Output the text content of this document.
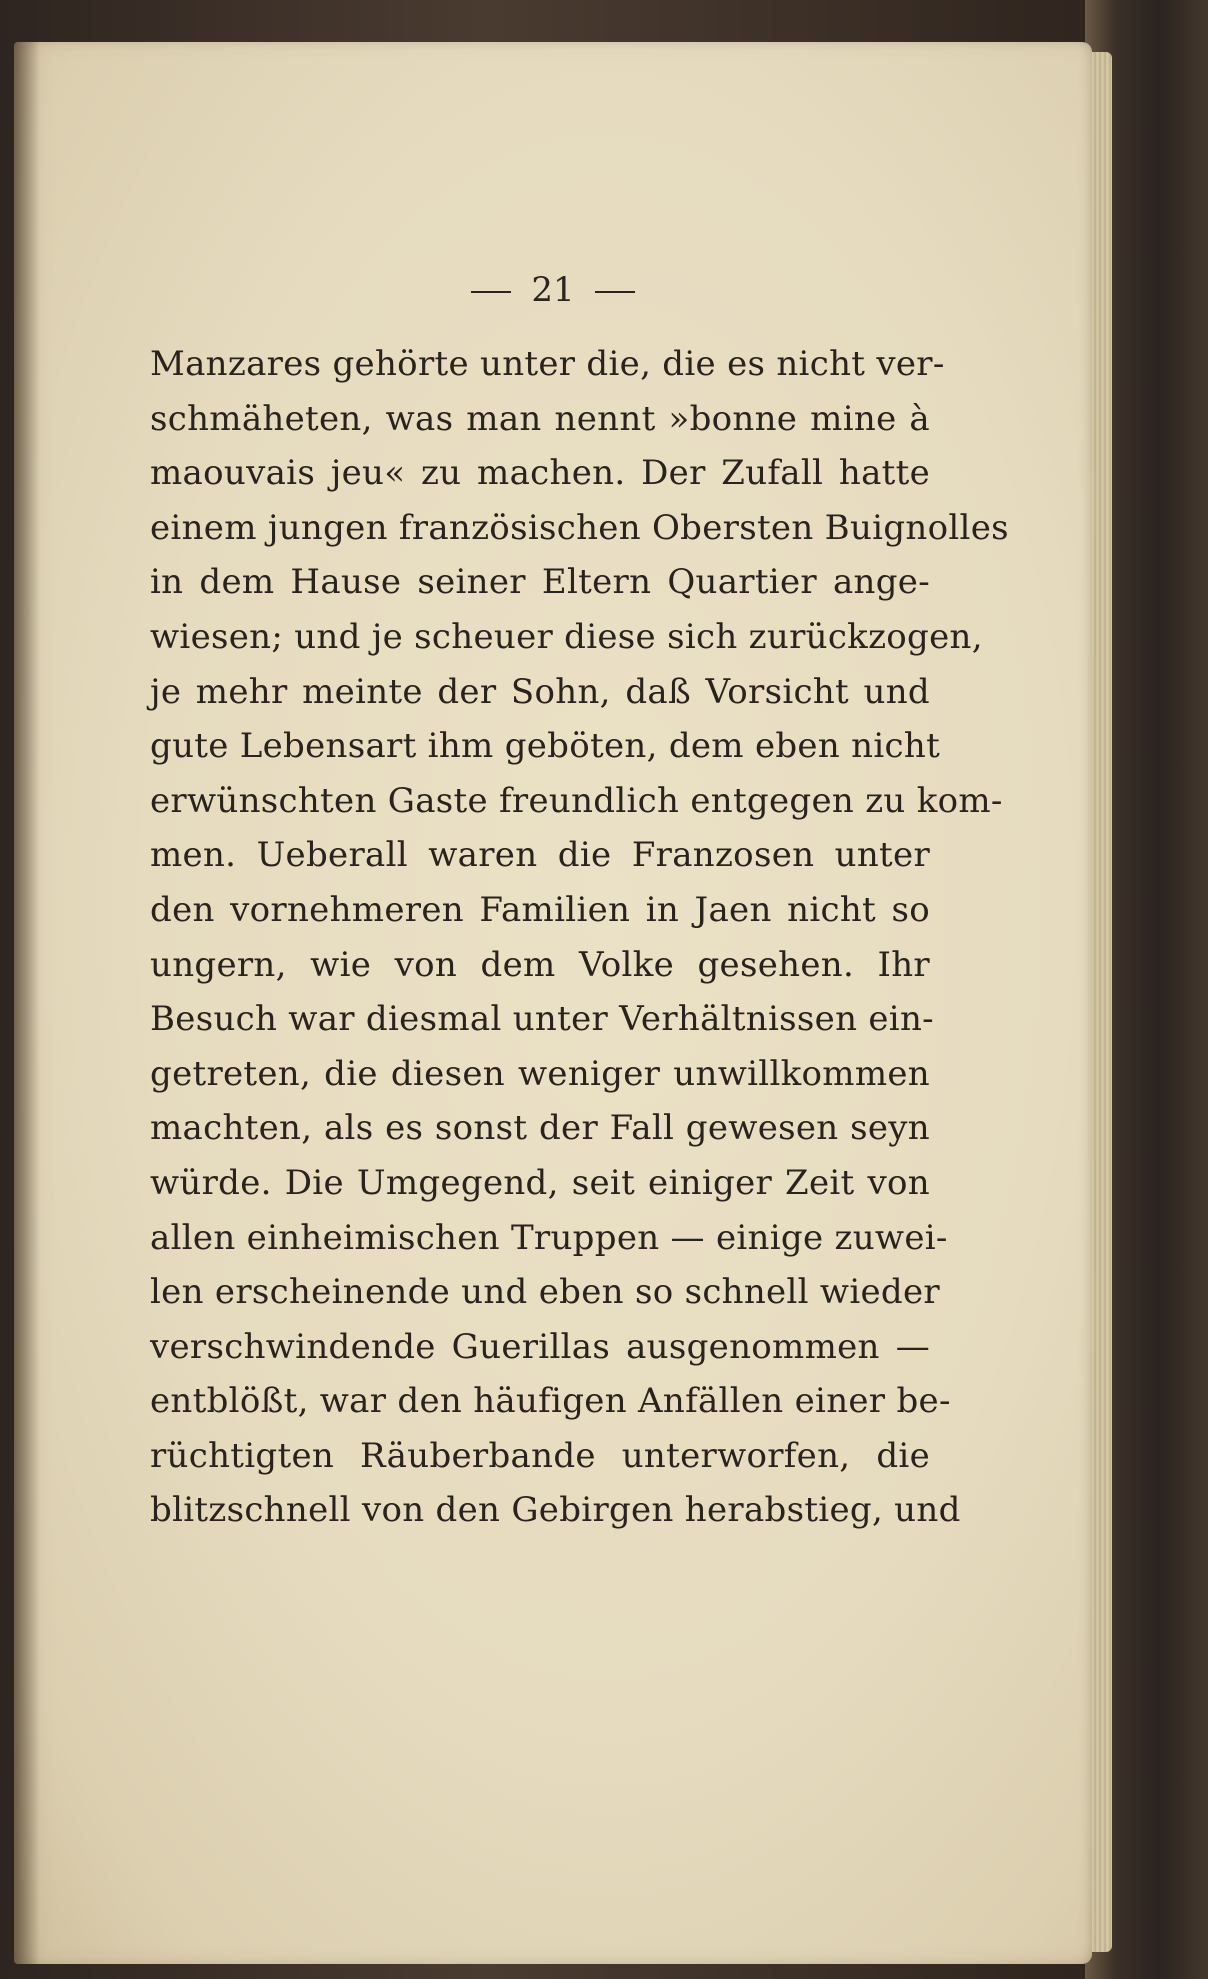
21
Manzares gehörte unter die, die es nicht ver-
schmäheten, was man nennt »bonne mine à
maouvais jeu« zu machen. Der Zufall hatte
einem jungen französischen Obersten Buignolles
in dem Hause seiner Eltern Quartier ange-
wiesen; und je scheuer diese sich zurückzogen,
je mehr meinte der Sohn, daß Vorsicht und
gute Lebensart ihm geböten, dem eben nicht
erwünschten Gaste freundlich entgegen zu kom-
men. Ueberall waren die Franzosen unter
den vornehmeren Familien in Jaen nicht so
ungern, wie von dem Volke gesehen. Ihr
Besuch war diesmal unter Verhältnissen ein-
getreten, die diesen weniger unwillkommen
machten, als es sonst der Fall gewesen seyn
würde. Die Umgegend, seit einiger Zeit von
allen einheimischen Truppen — einige zuwei-
len erscheinende und eben so schnell wieder
verschwindende Guerillas ausgenommen —
entblößt, war den häufigen Anfällen einer be-
rüchtigten Räuberbande unterworfen, die
blitzschnell von den Gebirgen herabstieg, und
